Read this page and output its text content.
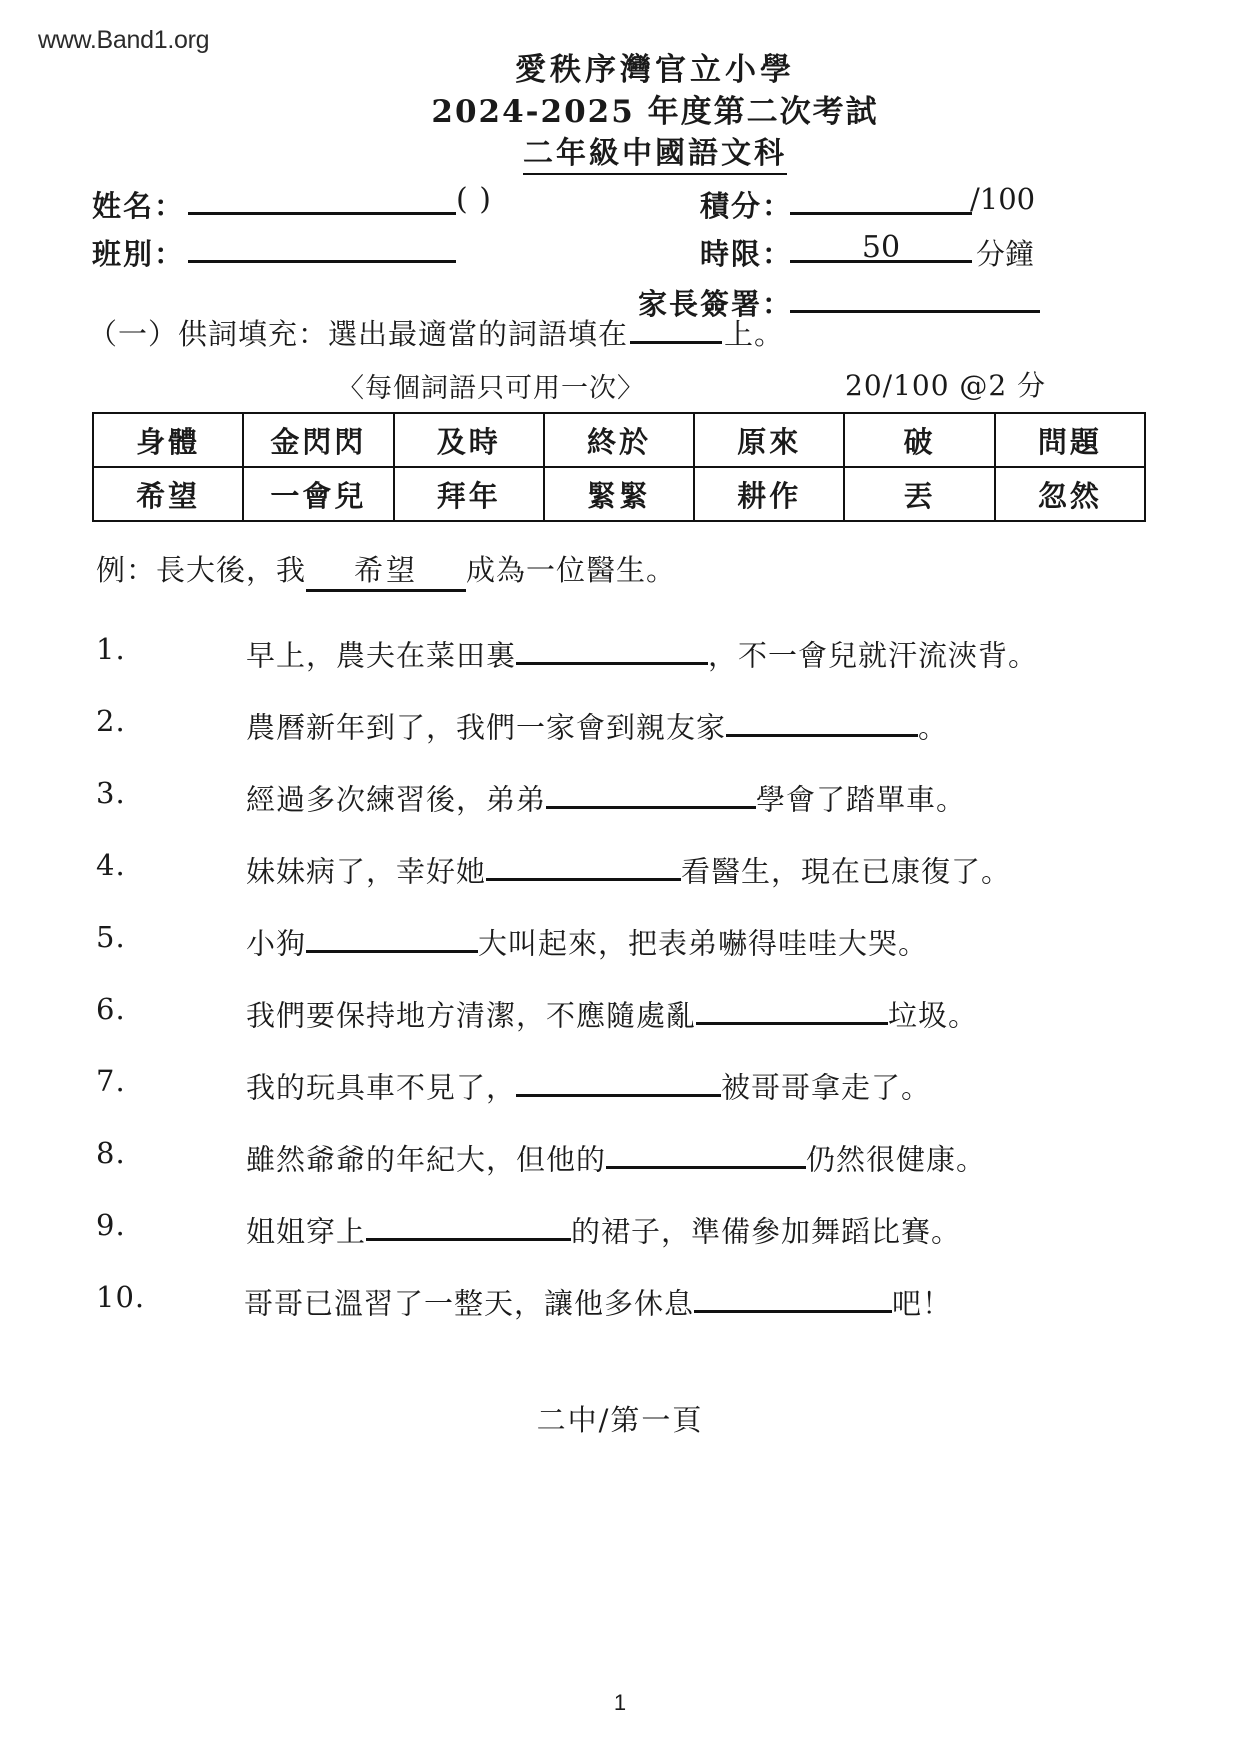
www.Band1.org
愛秩序灣官立小學
2024-2025 年度第二次考試
二年級中國語文科
姓名：	( )	積分：	/100
班別：	時限：	50	分鐘
家長簽署：
（一）供詞填充：選出最適當的詞語填在	上。
〈每個詞語只可用一次〉	20/100 @2 分
身體	金閃閃	及時	終於	原來	破	問題
希望	一會兒	拜年	緊緊	耕作	丟	忽然
例：長大後，我 希望 成為一位醫生。
1.	早上，農夫在菜田裏	，不一會兒就汗流浹背。
2.	農曆新年到了，我們一家會到親友家	。
3.	經過多次練習後，弟弟	學會了踏單車。
4.	妹妹病了，幸好她	看醫生，現在已康復了。
5.	小狗	大叫起來，把表弟嚇得哇哇大哭。
6.	我們要保持地方清潔，不應隨處亂	垃圾。
7.	我的玩具車不見了，	被哥哥拿走了。
8.	雖然爺爺的年紀大，但他的	仍然很健康。
9.	姐姐穿上	的裙子，準備參加舞蹈比賽。
10.	哥哥已溫習了一整天，讓他多休息	吧！
二中/第一頁
1
